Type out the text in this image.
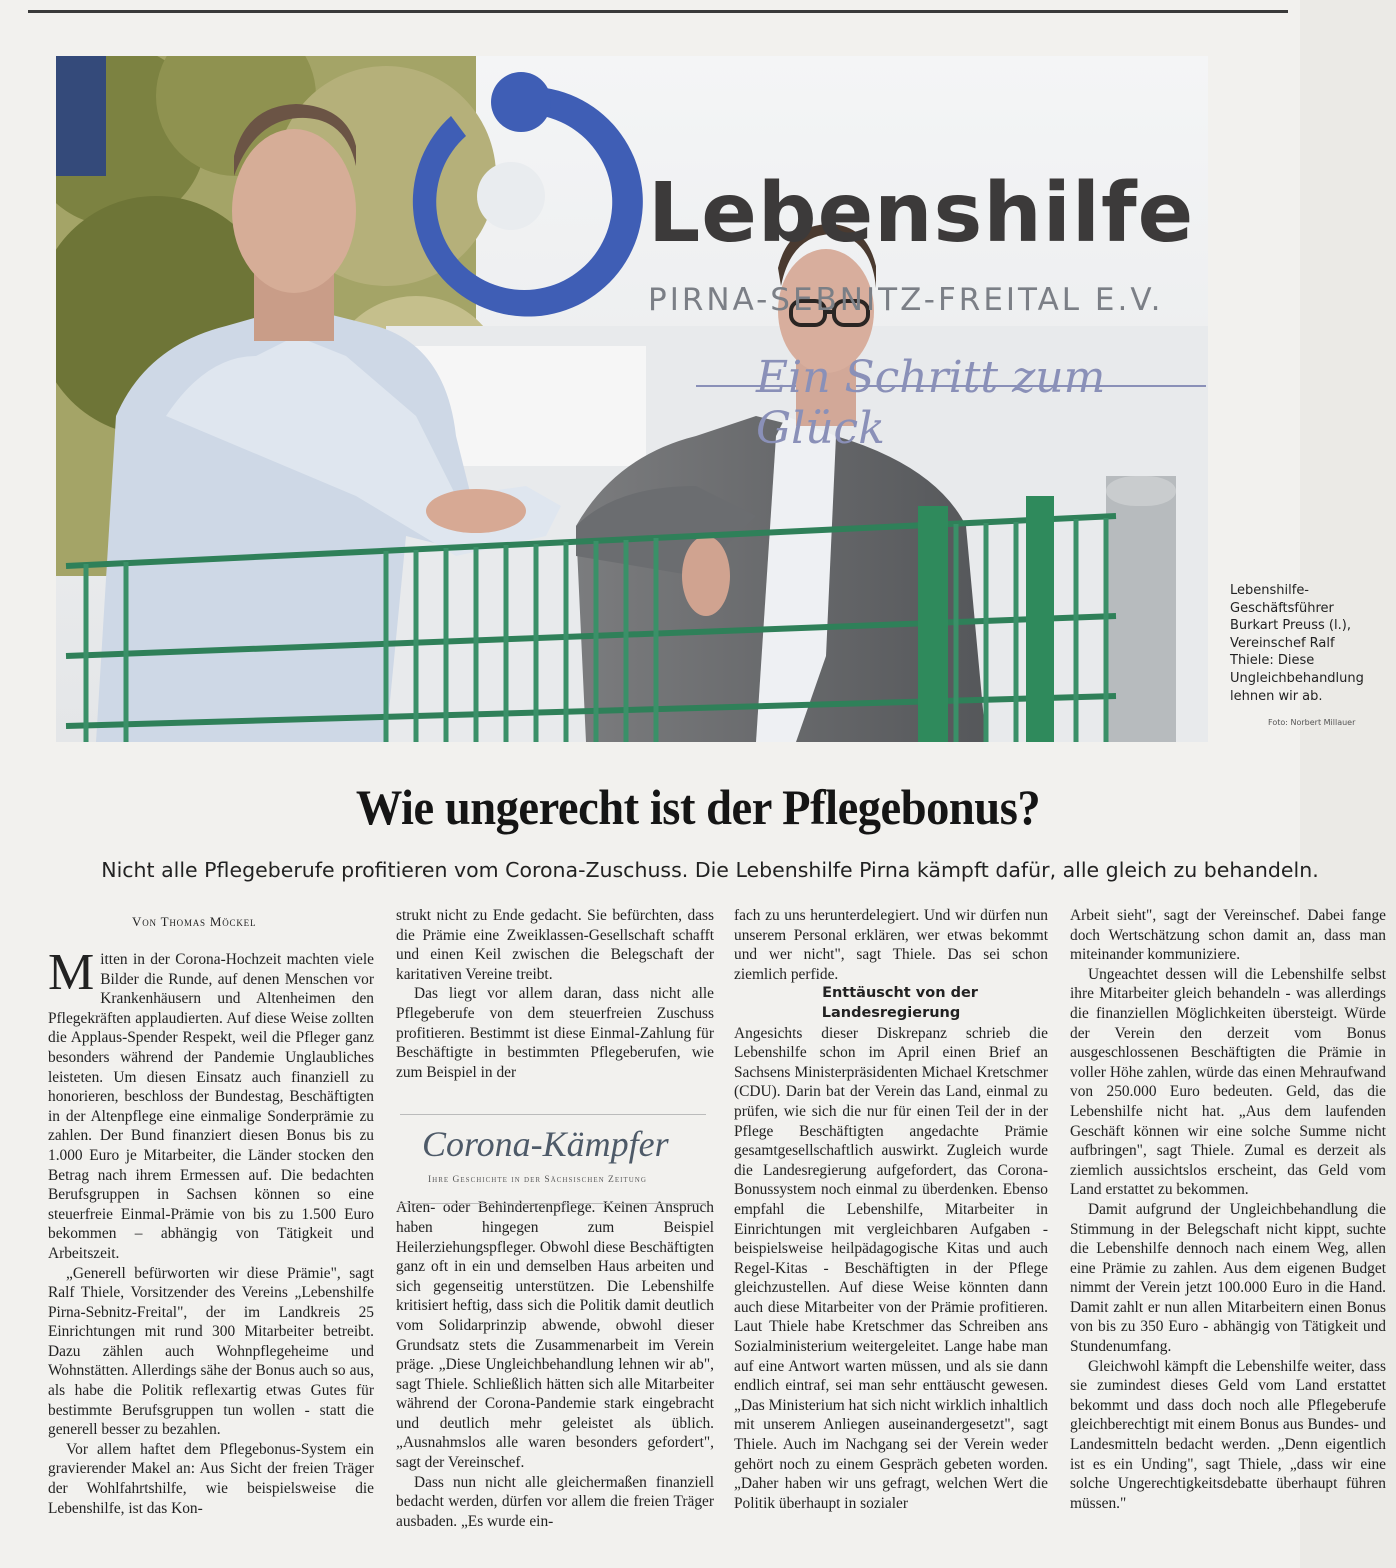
Lebenshilfe
PIRNA-SEBNITZ-FREITAL E.V.
Ein Schritt zum Glück
Lebenshilfe-Geschäftsführer Burkart Preuss (l.), Vereinschef Ralf Thiele: Diese Ungleichbehandlung lehnen wir ab.
Foto: Norbert Millauer
Wie ungerecht ist der Pflegebonus?
Nicht alle Pflegeberufe profitieren vom Corona-Zuschuss. Die Lebenshilfe Pirna kämpft dafür, alle gleich zu behandeln.
Von Thomas Möckel

Mitten in der Corona-Hochzeit machten viele Bilder die Runde, auf denen Menschen vor Krankenhäusern und Altenheimen den Pflegekräften applaudierten. Auf diese Weise zollten die Applaus-Spender Respekt, weil die Pfleger ganz besonders während der Pandemie Unglaubliches leisteten. Um diesen Einsatz auch finanziell zu honorieren, beschloss der Bundestag, Beschäftigten in der Altenpflege eine einmalige Sonderprämie zu zahlen. Der Bund finanziert diesen Bonus bis zu 1.000 Euro je Mitarbeiter, die Länder stocken den Betrag nach ihrem Ermessen auf. Die bedachten Berufsgruppen in Sachsen können so eine steuerfreie Einmal-Prämie von bis zu 1.500 Euro bekommen – abhängig von Tätigkeit und Arbeitszeit.

„Generell befürworten wir diese Prämie", sagt Ralf Thiele, Vorsitzender des Vereins „Lebenshilfe Pirna-Sebnitz-Freital", der im Landkreis 25 Einrichtungen mit rund 300 Mitarbeiter betreibt. Dazu zählen auch Wohnpflegeheime und Wohnstätten. Allerdings sähe der Bonus auch so aus, als habe die Politik reflexartig etwas Gutes für bestimmte Berufsgruppen tun wollen - statt die generell besser zu bezahlen.

Vor allem haftet dem Pflegebonus-System ein gravierender Makel an: Aus Sicht der freien Träger der Wohlfahrtshilfe, wie beispielsweise die Lebenshilfe, ist das Kon-

strukt nicht zu Ende gedacht. Sie befürchten, dass die Prämie eine Zweiklassen-Gesellschaft schafft und einen Keil zwischen die Belegschaft der karitativen Vereine treibt.

Das liegt vor allem daran, dass nicht alle Pflegeberufe von dem steuerfreien Zuschuss profitieren. Bestimmt ist diese Einmal-Zahlung für Beschäftigte in bestimmten Pflegeberufen, wie zum Beispiel in der

Alten- oder Behindertenpflege. Keinen Anspruch haben hingegen zum Beispiel Heilerziehungspfleger. Obwohl diese Beschäftigten ganz oft in ein und demselben Haus arbeiten und sich gegenseitig unterstützen. Die Lebenshilfe kritisiert heftig, dass sich die Politik damit deutlich vom Solidarprinzip abwende, obwohl dieser Grundsatz stets die Zusammenarbeit im Verein präge. „Diese Ungleichbehandlung lehnen wir ab", sagt Thiele. Schließlich hätten sich alle Mitarbeiter während der Corona-Pandemie stark eingebracht und deutlich mehr geleistet als üblich. „Ausnahmslos alle waren besonders gefordert", sagt der Vereinschef.

Dass nun nicht alle gleichermaßen finanziell bedacht werden, dürfen vor allem die freien Träger ausbaden. „Es wurde ein-

Corona-Kämpfer
Ihre Geschichte in der Sächsischen Zeitung

fach zu uns herunterdelegiert. Und wir dürfen nun unserem Personal erklären, wer etwas bekommt und wer nicht", sagt Thiele. Das sei schon ziemlich perfide.

Enttäuscht von der Landesregierung

Angesichts dieser Diskrepanz schrieb die Lebenshilfe schon im April einen Brief an Sachsens Ministerpräsidenten Michael Kretschmer (CDU). Darin bat der Verein das Land, einmal zu prüfen, wie sich die nur für einen Teil der in der Pflege Beschäftigten angedachte Prämie gesamtgesellschaftlich auswirkt. Zugleich wurde die Landesregierung aufgefordert, das Corona-Bonussystem noch einmal zu überdenken. Ebenso empfahl die Lebenshilfe, Mitarbeiter in Einrichtungen mit vergleichbaren Aufgaben - beispielsweise heilpädagogische Kitas und auch Regel-Kitas - Beschäftigten in der Pflege gleichzustellen. Auf diese Weise könnten dann auch diese Mitarbeiter von der Prämie profitieren. Laut Thiele habe Kretschmer das Schreiben ans Sozialministerium weitergeleitet. Lange habe man auf eine Antwort warten müssen, und als sie dann endlich eintraf, sei man sehr enttäuscht gewesen. „Das Ministerium hat sich nicht wirklich inhaltlich mit unserem Anliegen auseinandergesetzt", sagt Thiele. Auch im Nachgang sei der Verein weder gehört noch zu einem Gespräch gebeten worden. „Daher haben wir uns gefragt, welchen Wert die Politik überhaupt in sozialer

Arbeit sieht", sagt der Vereinschef. Dabei fange doch Wertschätzung schon damit an, dass man miteinander kommuniziere.

Ungeachtet dessen will die Lebenshilfe selbst ihre Mitarbeiter gleich behandeln - was allerdings die finanziellen Möglichkeiten übersteigt. Würde der Verein den derzeit vom Bonus ausgeschlossenen Beschäftigten die Prämie in voller Höhe zahlen, würde das einen Mehraufwand von 250.000 Euro bedeuten. Geld, das die Lebenshilfe nicht hat. „Aus dem laufenden Geschäft können wir eine solche Summe nicht aufbringen", sagt Thiele. Zumal es derzeit als ziemlich aussichtslos erscheint, das Geld vom Land erstattet zu bekommen.

Damit aufgrund der Ungleichbehandlung die Stimmung in der Belegschaft nicht kippt, suchte die Lebenshilfe dennoch nach einem Weg, allen eine Prämie zu zahlen. Aus dem eigenen Budget nimmt der Verein jetzt 100.000 Euro in die Hand. Damit zahlt er nun allen Mitarbeitern einen Bonus von bis zu 350 Euro - abhängig von Tätigkeit und Stundenumfang.

Gleichwohl kämpft die Lebenshilfe weiter, dass sie zumindest dieses Geld vom Land erstattet bekommt und dass doch noch alle Pflegeberufe gleichberechtigt mit einem Bonus aus Bundes- und Landesmitteln bedacht werden. „Denn eigentlich ist es ein Unding", sagt Thiele, „dass wir eine solche Ungerechtigkeitsdebatte überhaupt führen müssen."
